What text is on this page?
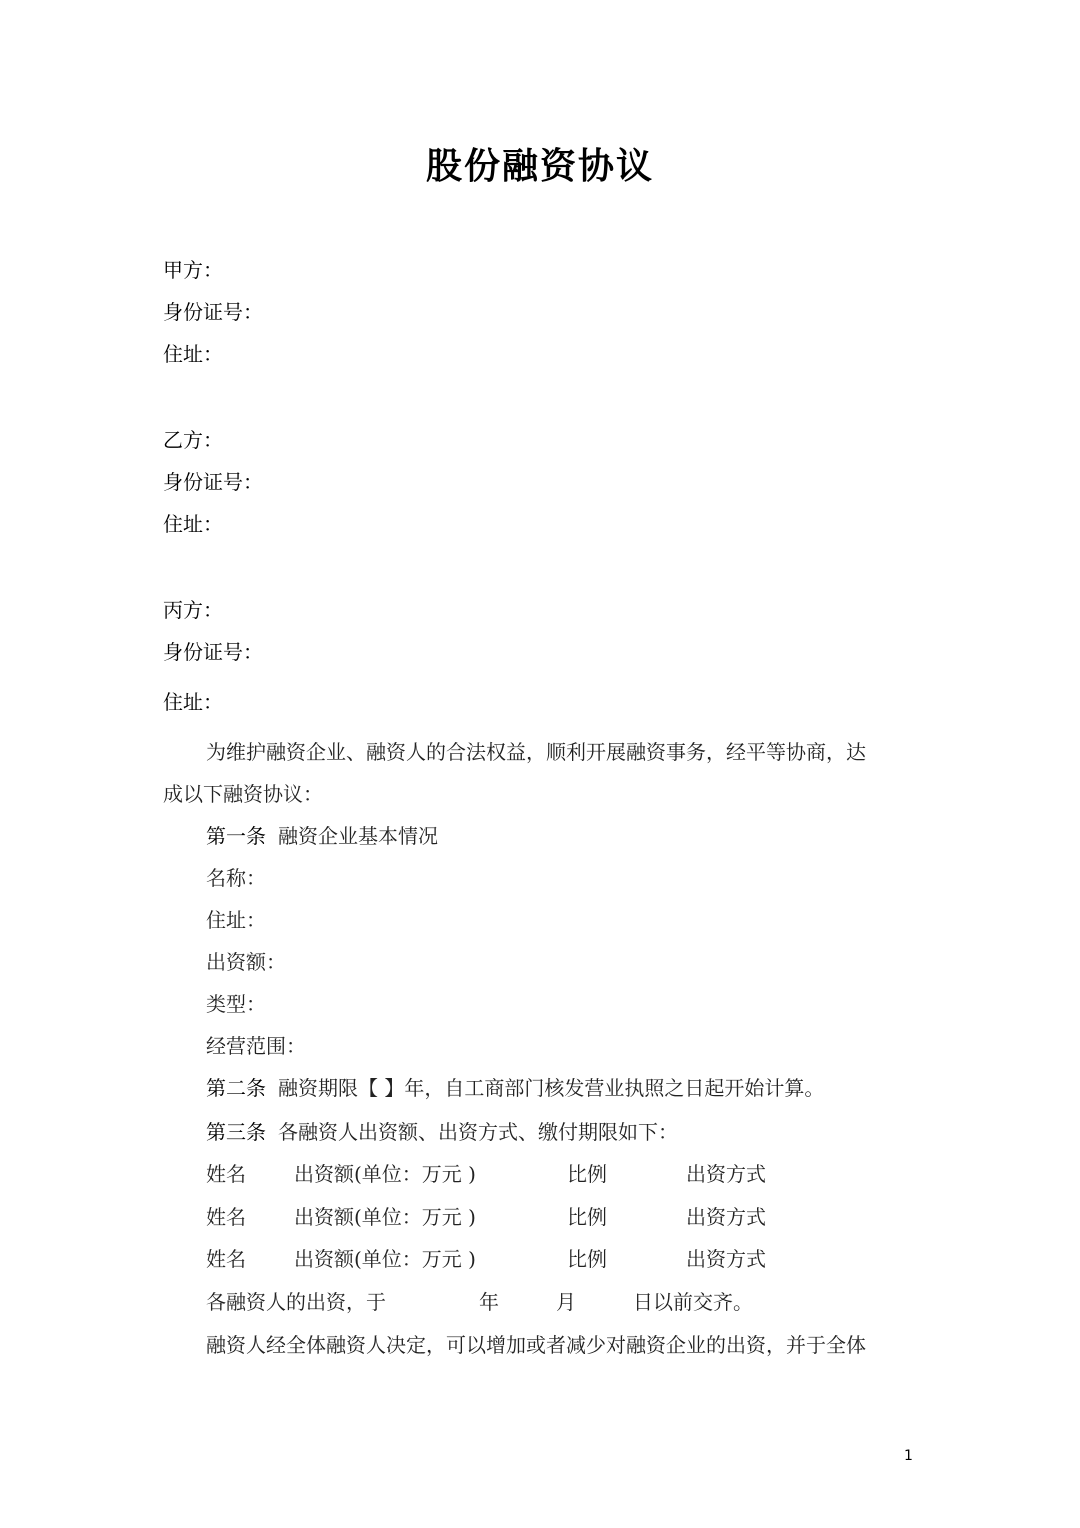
股份融资协议
甲方：
身份证号：
住址：
乙方：
身份证号：
住址：
丙方：
身份证号：
住址：
为维护融资企业、融资人的合法权益，顺利开展融资事务，经平等协商，达
成以下融资协议：
第一条 融资企业基本情况
名称：
住址：
出资额：
类型：
经营范围：
第二条 融资期限【 】年，自工商部门核发营业执照之日起开始计算。
第三条 各融资人出资额、出资方式、缴付期限如下：
姓名 出资额(单位：万元 )	比例	出资方式
姓名 出资额(单位：万元 )	比例	出资方式
姓名 出资额(单位：万元 )	比例	出资方式
各融资人的出资，于	年	月	日以前交齐。
融资人经全体融资人决定，可以增加或者减少对融资企业的出资，并于全体
1
